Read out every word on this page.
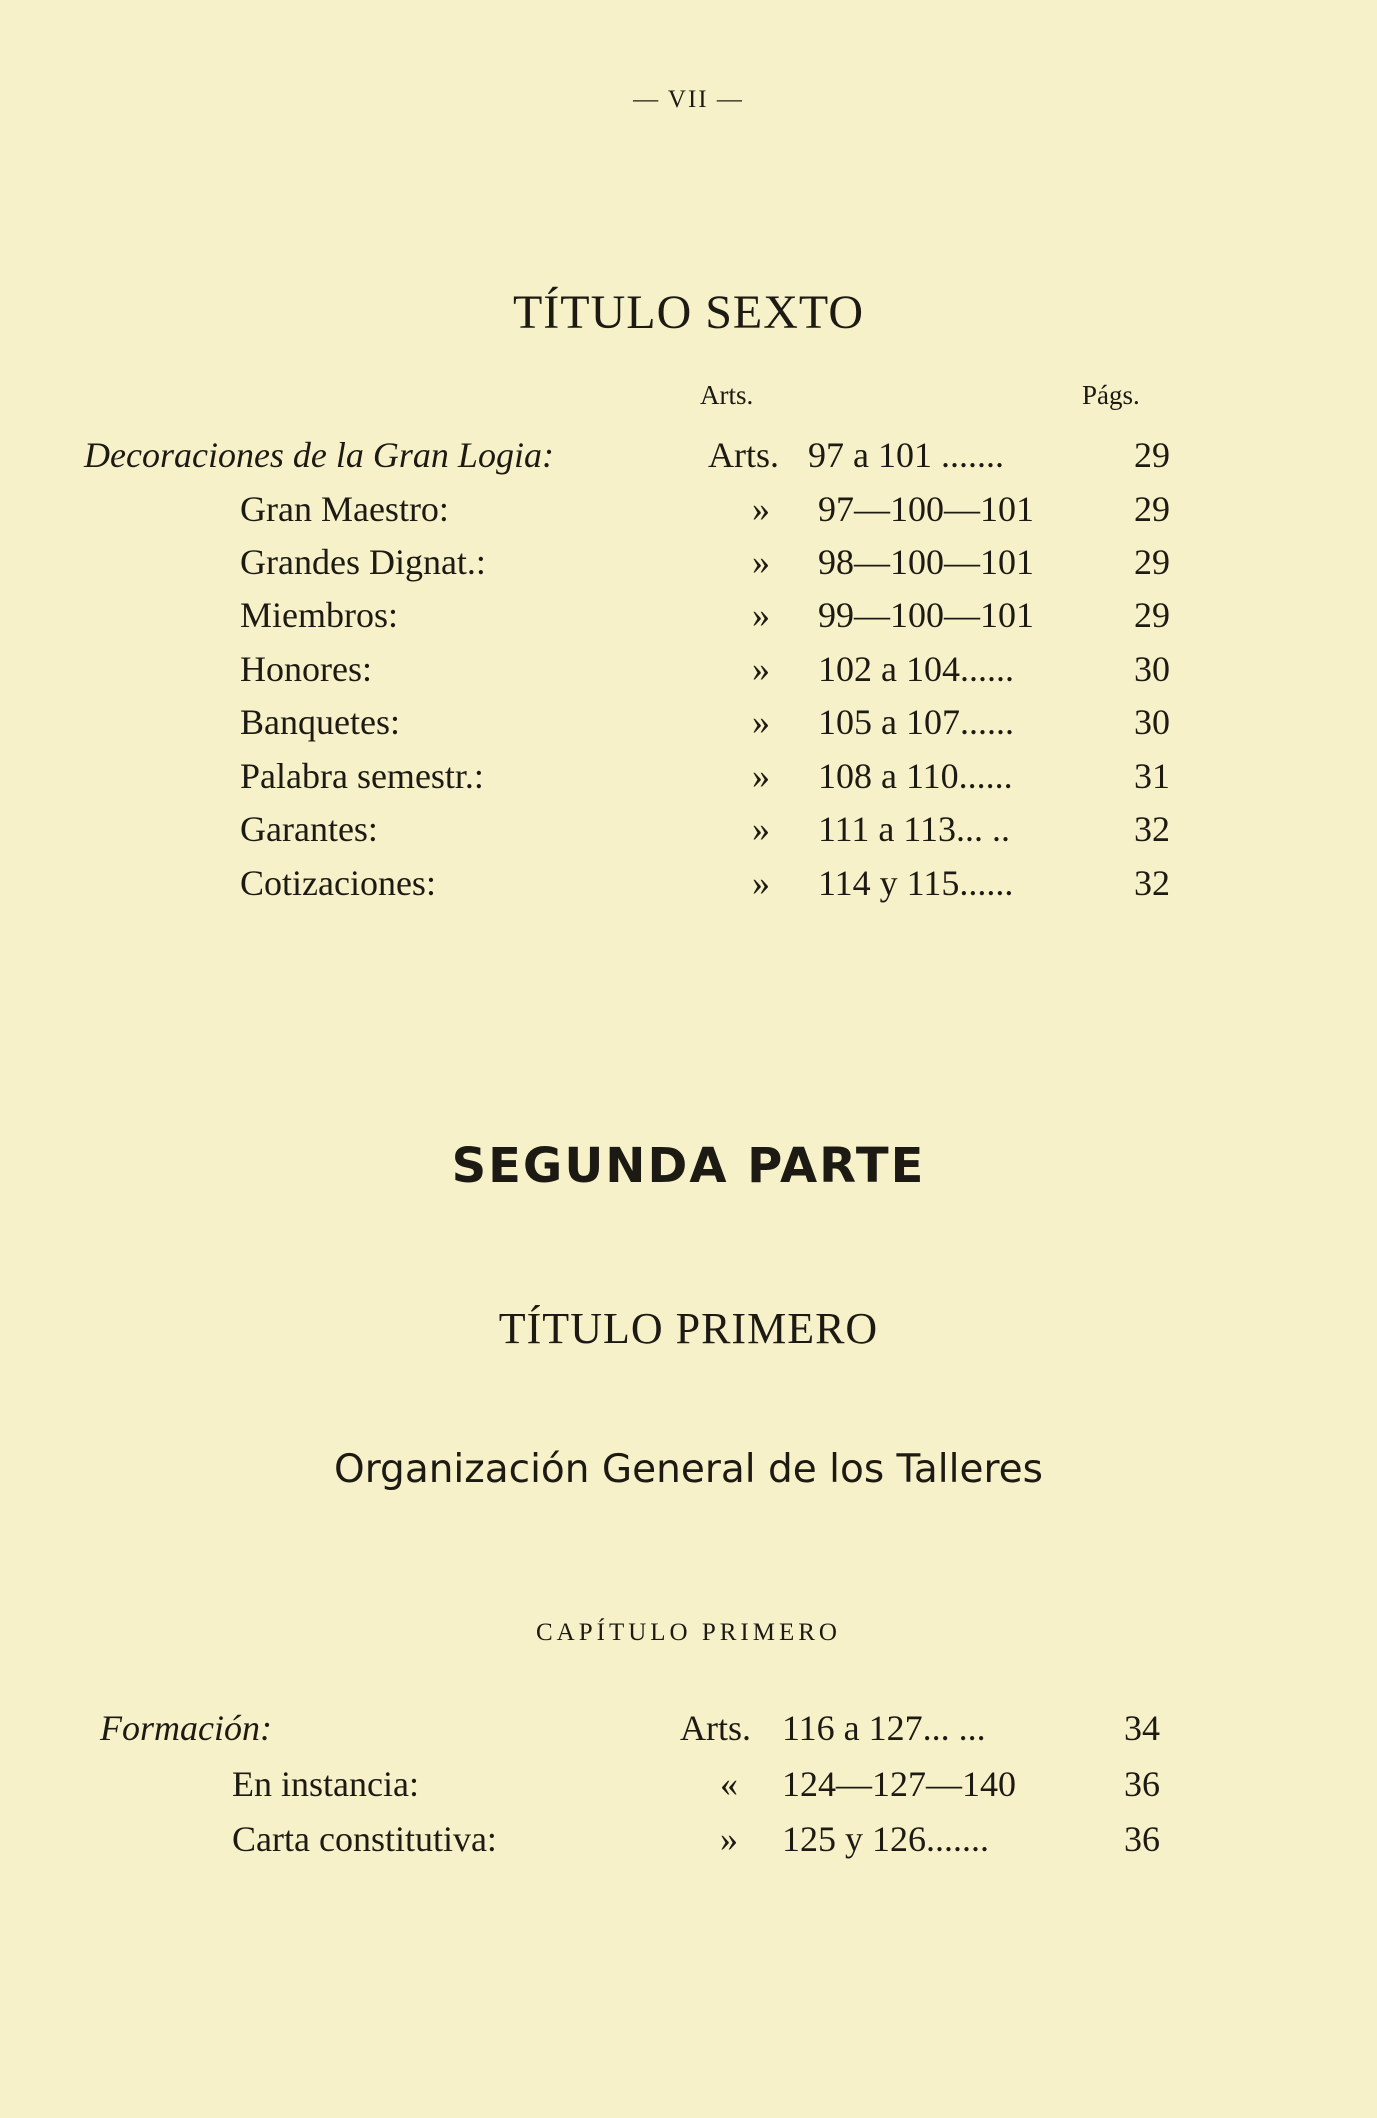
— VII —
TÍTULO SEXTO
Arts.	Págs.
Decoraciones de la Gran Logia:	Arts. 97 a 101 .......	29
Gran Maestro:	» 97—100—101	29
Grandes Dignat.:	» 98—100—101	29
Miembros:	» 99—100—101	29
Honores:	» 102 a 104......	30
Banquetes:	» 105 a 107......	30
Palabra semestr.:	» 108 a 110......	31
Garantes:	» 111 a 113... ..	32
Cotizaciones:	» 114 y 115......	32
SEGUNDA PARTE
TÍTULO PRIMERO
Organización General de los Talleres
CAPÍTULO PRIMERO
Formación:	Arts. 116 a 127... ...	34
En instancia:	« 124—127—140	36
Carta constitutiva:	» 125 y 126.......	36
